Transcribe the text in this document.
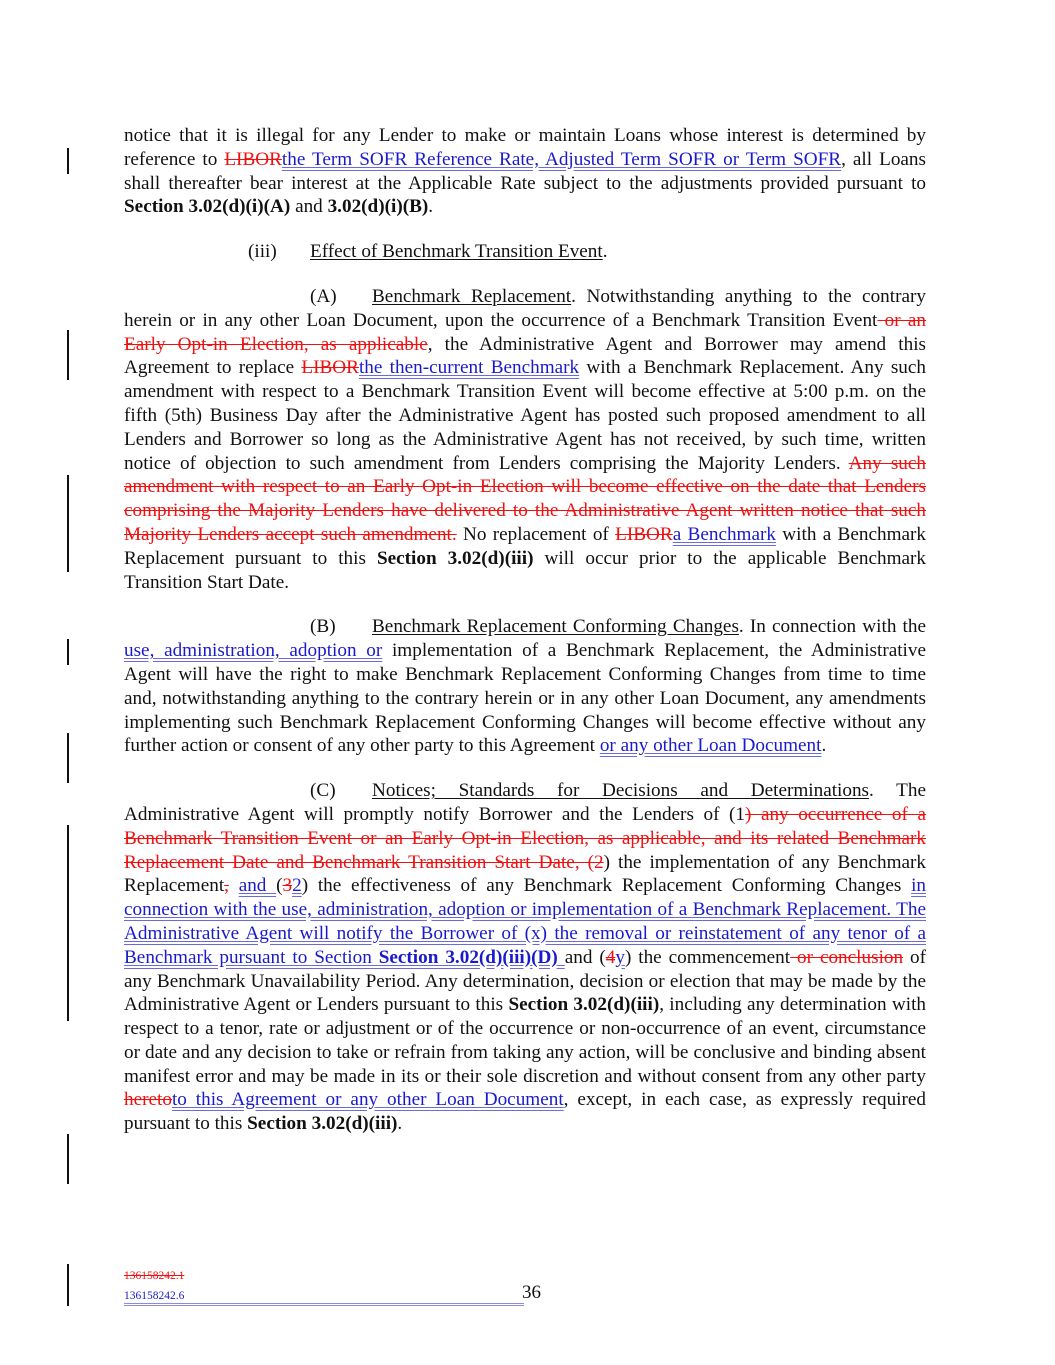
notice that it is illegal for any Lender to make or maintain Loans whose interest is determined by reference to LIBORthe Term SOFR Reference Rate, Adjusted Term SOFR or Term SOFR, all Loans shall thereafter bear interest at the Applicable Rate subject to the adjustments provided pursuant to Section 3.02(d)(i)(A) and 3.02(d)(i)(B).

(iii) Effect of Benchmark Transition Event.

(A) Benchmark Replacement. Notwithstanding anything to the contrary herein or in any other Loan Document, upon the occurrence of a Benchmark Transition Event or an Early Opt-in Election, as applicable, the Administrative Agent and Borrower may amend this Agreement to replace LIBORthe then-current Benchmark with a Benchmark Replacement. Any such amendment with respect to a Benchmark Transition Event will become effective at 5:00 p.m. on the fifth (5th) Business Day after the Administrative Agent has posted such proposed amendment to all Lenders and Borrower so long as the Administrative Agent has not received, by such time, written notice of objection to such amendment from Lenders comprising the Majority Lenders. Any such amendment with respect to an Early Opt-in Election will become effective on the date that Lenders comprising the Majority Lenders have delivered to the Administrative Agent written notice that such Majority Lenders accept such amendment. No replacement of LIBORa Benchmark with a Benchmark Replacement pursuant to this Section 3.02(d)(iii) will occur prior to the applicable Benchmark Transition Start Date.

(B) Benchmark Replacement Conforming Changes. In connection with the use, administration, adoption or implementation of a Benchmark Replacement, the Administrative Agent will have the right to make Benchmark Replacement Conforming Changes from time to time and, notwithstanding anything to the contrary herein or in any other Loan Document, any amendments implementing such Benchmark Replacement Conforming Changes will become effective without any further action or consent of any other party to this Agreement or any other Loan Document.

(C) Notices; Standards for Decisions and Determinations. The Administrative Agent will promptly notify Borrower and the Lenders of (1) any occurrence of a Benchmark Transition Event or an Early Opt-in Election, as applicable, and its related Benchmark Replacement Date and Benchmark Transition Start Date, (2) the implementation of any Benchmark Replacement, and (32) the effectiveness of any Benchmark Replacement Conforming Changes in connection with the use, administration, adoption or implementation of a Benchmark Replacement. The Administrative Agent will notify the Borrower of (x) the removal or reinstatement of any tenor of a Benchmark pursuant to Section Section 3.02(d)(iii)(D) and (4y) the commencement or conclusion of any Benchmark Unavailability Period. Any determination, decision or election that may be made by the Administrative Agent or Lenders pursuant to this Section 3.02(d)(iii), including any determination with respect to a tenor, rate or adjustment or of the occurrence or non-occurrence of an event, circumstance or date and any decision to take or refrain from taking any action, will be conclusive and binding absent manifest error and may be made in its or their sole discretion and without consent from any other party heretoto this Agreement or any other Loan Document, except, in each case, as expressly required pursuant to this Section 3.02(d)(iii).

136158242.1
136158242.6	36
